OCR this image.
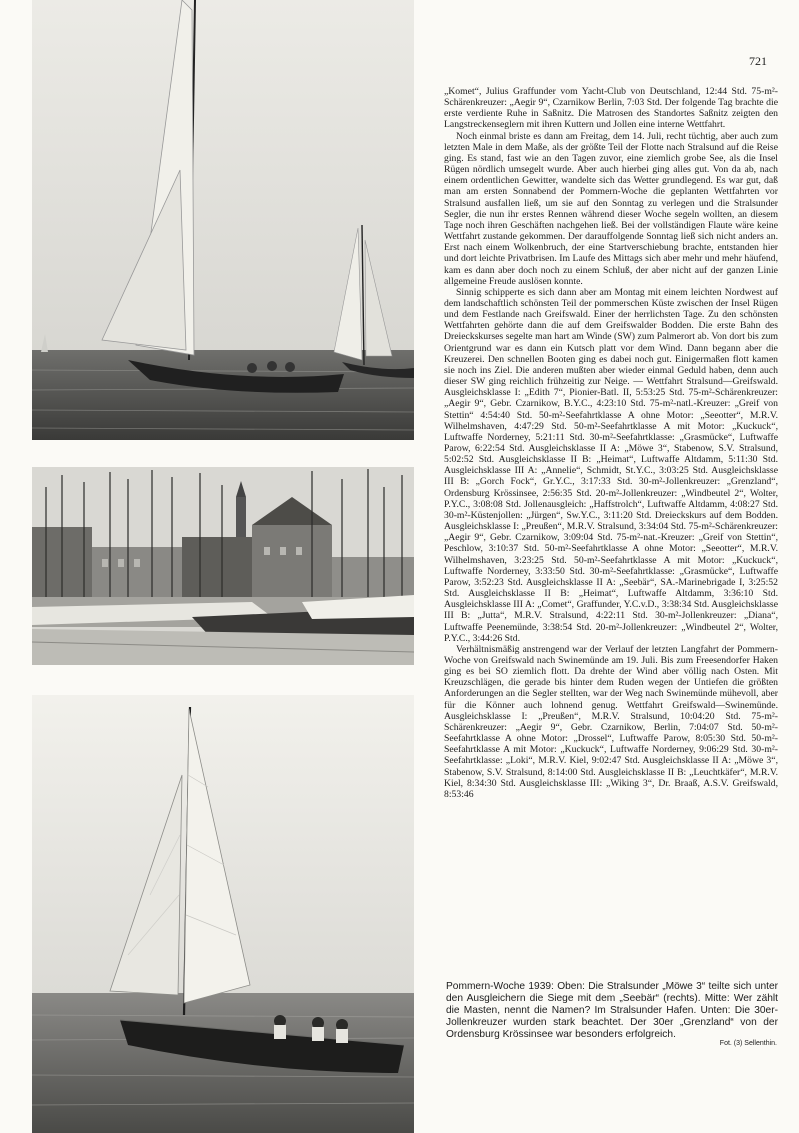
721

„Komet“, Julius Graffunder vom Yacht-Club von Deutschland, 12:44 Std. 75-m²-Schärenkreuzer: „Aegir 9“, Czarnikow Berlin, 7:03 Std. Der folgende Tag brachte die erste verdiente Ruhe in Saßnitz. Die Matrosen des Standortes Saßnitz zeigten den Langstreckenseglern mit ihren Kuttern und Jollen eine interne Wettfahrt.

Noch einmal briste es dann am Freitag, dem 14. Juli, recht tüchtig, aber auch zum letzten Male in dem Maße, als der größte Teil der Flotte nach Stralsund auf die Reise ging. Es stand, fast wie an den Tagen zuvor, eine ziemlich grobe See, als die Insel Rügen nördlich umsegelt wurde. Aber auch hierbei ging alles gut. Von da ab, nach einem ordentlichen Gewitter, wandelte sich das Wetter grundlegend. Es war gut, daß man am ersten Sonnabend der Pommern-Woche die geplanten Wettfahrten vor Stralsund ausfallen ließ, um sie auf den Sonntag zu verlegen und die Stralsunder Segler, die nun ihr erstes Rennen während dieser Woche segeln wollten, an diesem Tage noch ihren Geschäften nachgehen ließ. Bei der vollständigen Flaute wäre keine Wettfahrt zustande gekommen. Der darauffolgende Sonntag ließ sich nicht anders an. Erst nach einem Wolkenbruch, der eine Startverschiebung brachte, entstanden hier und dort leichte Privatbrisen. Im Laufe des Mittags sich aber mehr und mehr häufend, kam es dann aber doch noch zu einem Schluß, der aber nicht auf der ganzen Linie allgemeine Freude auslösen konnte.

Sinnig schipperte es sich dann aber am Montag mit einem leichten Nordwest auf dem landschaftlich schönsten Teil der pommerschen Küste zwischen der Insel Rügen und dem Festlande nach Greifswald. Einer der herrlichsten Tage. Zu den schönsten Wettfahrten gehörte dann die auf dem Greifswalder Bodden. Die erste Bahn des Dreieckskurses segelte man hart am Winde (SW) zum Palmerort ab. Von dort bis zum Orientgrund war es dann ein Kutsch platt vor dem Wind. Dann begann aber die Kreuzerei. Den schnellen Booten ging es dabei noch gut. Einigermaßen flott kamen sie noch ins Ziel. Die anderen mußten aber wieder einmal Geduld haben, denn auch dieser SW ging reichlich frühzeitig zur Neige. — Wettfahrt Stralsund—Greifswald. Ausgleichsklasse I: „Edith 7“, Pionier-Batl. II, 5:53:25 Std. 75-m²-Schärenkreuzer: „Aegir 9“, Gebr. Czarnikow, B.Y.C., 4:23:10 Std. 75-m²-natl.-Kreuzer: „Greif von Stettin“ 4:54:40 Std. 50-m²-Seefahrtklasse A ohne Motor: „Seeotter“, M.R.V. Wilhelmshaven, 4:47:29 Std. 50-m²-Seefahrtklasse A mit Motor: „Kuckuck“, Luftwaffe Norderney, 5:21:11 Std. 30-m²-Seefahrtklasse: „Grasmücke“, Luftwaffe Parow, 6:22:54 Std. Ausgleichsklasse II A: „Möwe 3“, Stabenow, S.V. Stralsund, 5:02:52 Std. Ausgleichsklasse II B: „Heimat“, Luftwaffe Altdamm, 5:11:30 Std. Ausgleichsklasse III A: „Annelie“, Schmidt, St.Y.C., 3:03:25 Std. Ausgleichsklasse III B: „Gorch Fock“, Gr.Y.C., 3:17:33 Std. 30-m²-Jollenkreuzer: „Grenzland“, Ordensburg Krössinsee, 2:56:35 Std. 20-m²-Jollenkreuzer: „Windbeutel 2“, Wolter, P.Y.C., 3:08:08 Std. Jollenausgleich: „Haffstrolch“, Luftwaffe Altdamm, 4:08:27 Std. 30-m²-Küstenjollen: „Jürgen“, Sw.Y.C., 3:11:20 Std. Dreieckskurs auf dem Bodden. Ausgleichsklasse I: „Preußen“, M.R.V. Stralsund, 3:34:04 Std. 75-m²-Schärenkreuzer: „Aegir 9“, Gebr. Czarnikow, 3:09:04 Std. 75-m²-nat.-Kreuzer: „Greif von Stettin“, Peschlow, 3:10:37 Std. 50-m²-Seefahrtklasse A ohne Motor: „Seeotter“, M.R.V. Wilhelmshaven, 3:23:25 Std. 50-m²-Seefahrtklasse A mit Motor: „Kuckuck“, Luftwaffe Norderney, 3:33:50 Std. 30-m²-Seefahrtklasse: „Grasmücke“, Luftwaffe Parow, 3:52:23 Std. Ausgleichsklasse II A: „Seebär“, SA.-Marinebrigade I, 3:25:52 Std. Ausgleichsklasse II B: „Heimat“, Luftwaffe Altdamm, 3:36:10 Std. Ausgleichsklasse III A: „Comet“, Graffunder, Y.C.v.D., 3:38:34 Std. Ausgleichsklasse III B: „Jutta“, M.R.V. Stralsund, 4:22:11 Std. 30-m²-Jollenkreuzer: „Diana“, Luftwaffe Peenemünde, 3:38:54 Std. 20-m²-Jollenkreuzer: „Windbeutel 2“, Wolter, P.Y.C., 3:44:26 Std.

Verhältnismäßig anstrengend war der Verlauf der letzten Langfahrt der Pommern-Woche von Greifswald nach Swinemünde am 19. Juli. Bis zum Freesendorfer Haken ging es bei SO ziemlich flott. Da drehte der Wind aber völlig nach Osten. Mit Kreuzschlägen, die gerade bis hinter dem Ruden wegen der Untiefen die größten Anforderungen an die Segler stellten, war der Weg nach Swinemünde mühevoll, aber für die Könner auch lohnend genug. Wettfahrt Greifswald—Swinemünde. Ausgleichsklasse I: „Preußen“, M.R.V. Stralsund, 10:04:20 Std. 75-m²-Schärenkreuzer: „Aegir 9“, Gebr. Czarnikow, Berlin, 7:04:07 Std. 50-m²-Seefahrtklasse A ohne Motor: „Drossel“, Luftwaffe Parow, 8:05:30 Std. 50-m²-Seefahrtklasse A mit Motor: „Kuckuck“, Luftwaffe Norderney, 9:06:29 Std. 30-m²-Seefahrtklasse: „Loki“, M.R.V. Kiel, 9:02:47 Std. Ausgleichsklasse II A: „Möwe 3“, Stabenow, S.V. Stralsund, 8:14:00 Std. Ausgleichsklasse II B: „Leuchtkäfer“, M.R.V. Kiel, 8:34:30 Std. Ausgleichsklasse III: „Wiking 3“, Dr. Braaß, A.S.V. Greifswald, 8:53:46

Pommern-Woche 1939: Oben: Die Stralsunder „Möwe 3“ teilte sich unter den Ausgleichern die Siege mit dem „Seebär“ (rechts). Mitte: Wer zählt die Masten, nennt die Namen? Im Stralsunder Hafen. Unten: Die 30er-Jollenkreuzer wurden stark beachtet. Der 30er „Grenzland“ von der Ordensburg Krössinsee war besonders erfolgreich.
Fot. (3) Sellenthin.
